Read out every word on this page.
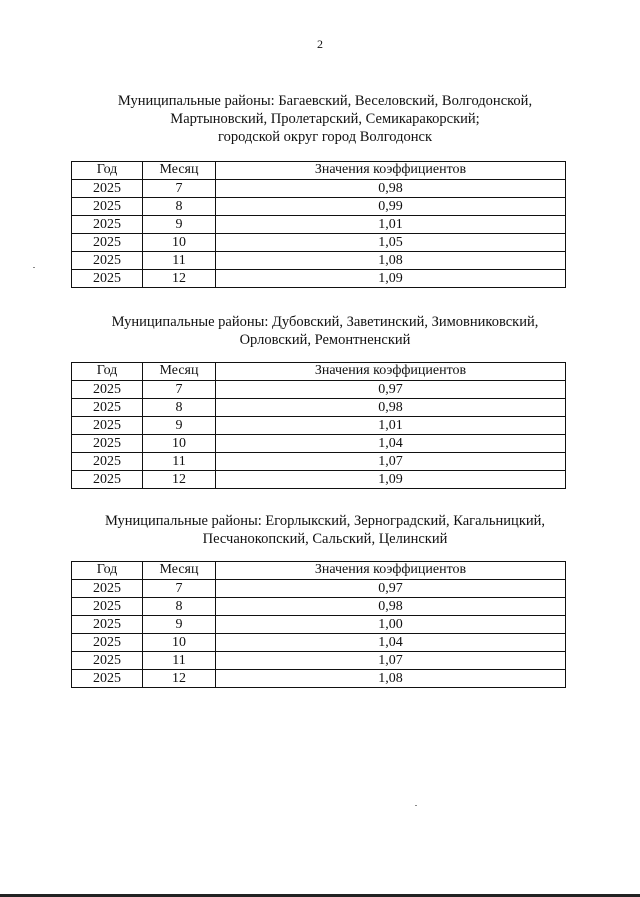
2
Муниципальные районы: Багаевский, Веселовский, Волгодонской,
Мартыновский, Пролетарский, Семикаракорский;
городской округ город Волгодонск
Год	Месяц	Значения коэффициентов
2025	7	0,98
2025	8	0,99
2025	9	1,01
2025	10	1,05
2025	11	1,08
2025	12	1,09
Муниципальные районы: Дубовский, Заветинский, Зимовниковский,
Орловский, Ремонтненский
Год	Месяц	Значения коэффициентов
2025	7	0,97
2025	8	0,98
2025	9	1,01
2025	10	1,04
2025	11	1,07
2025	12	1,09
Муниципальные районы: Егорлыкский, Зерноградский, Кагальницкий,
Песчанокопский, Сальский, Целинский
Год	Месяц	Значения коэффициентов
2025	7	0,97
2025	8	0,98
2025	9	1,00
2025	10	1,04
2025	11	1,07
2025	12	1,08
